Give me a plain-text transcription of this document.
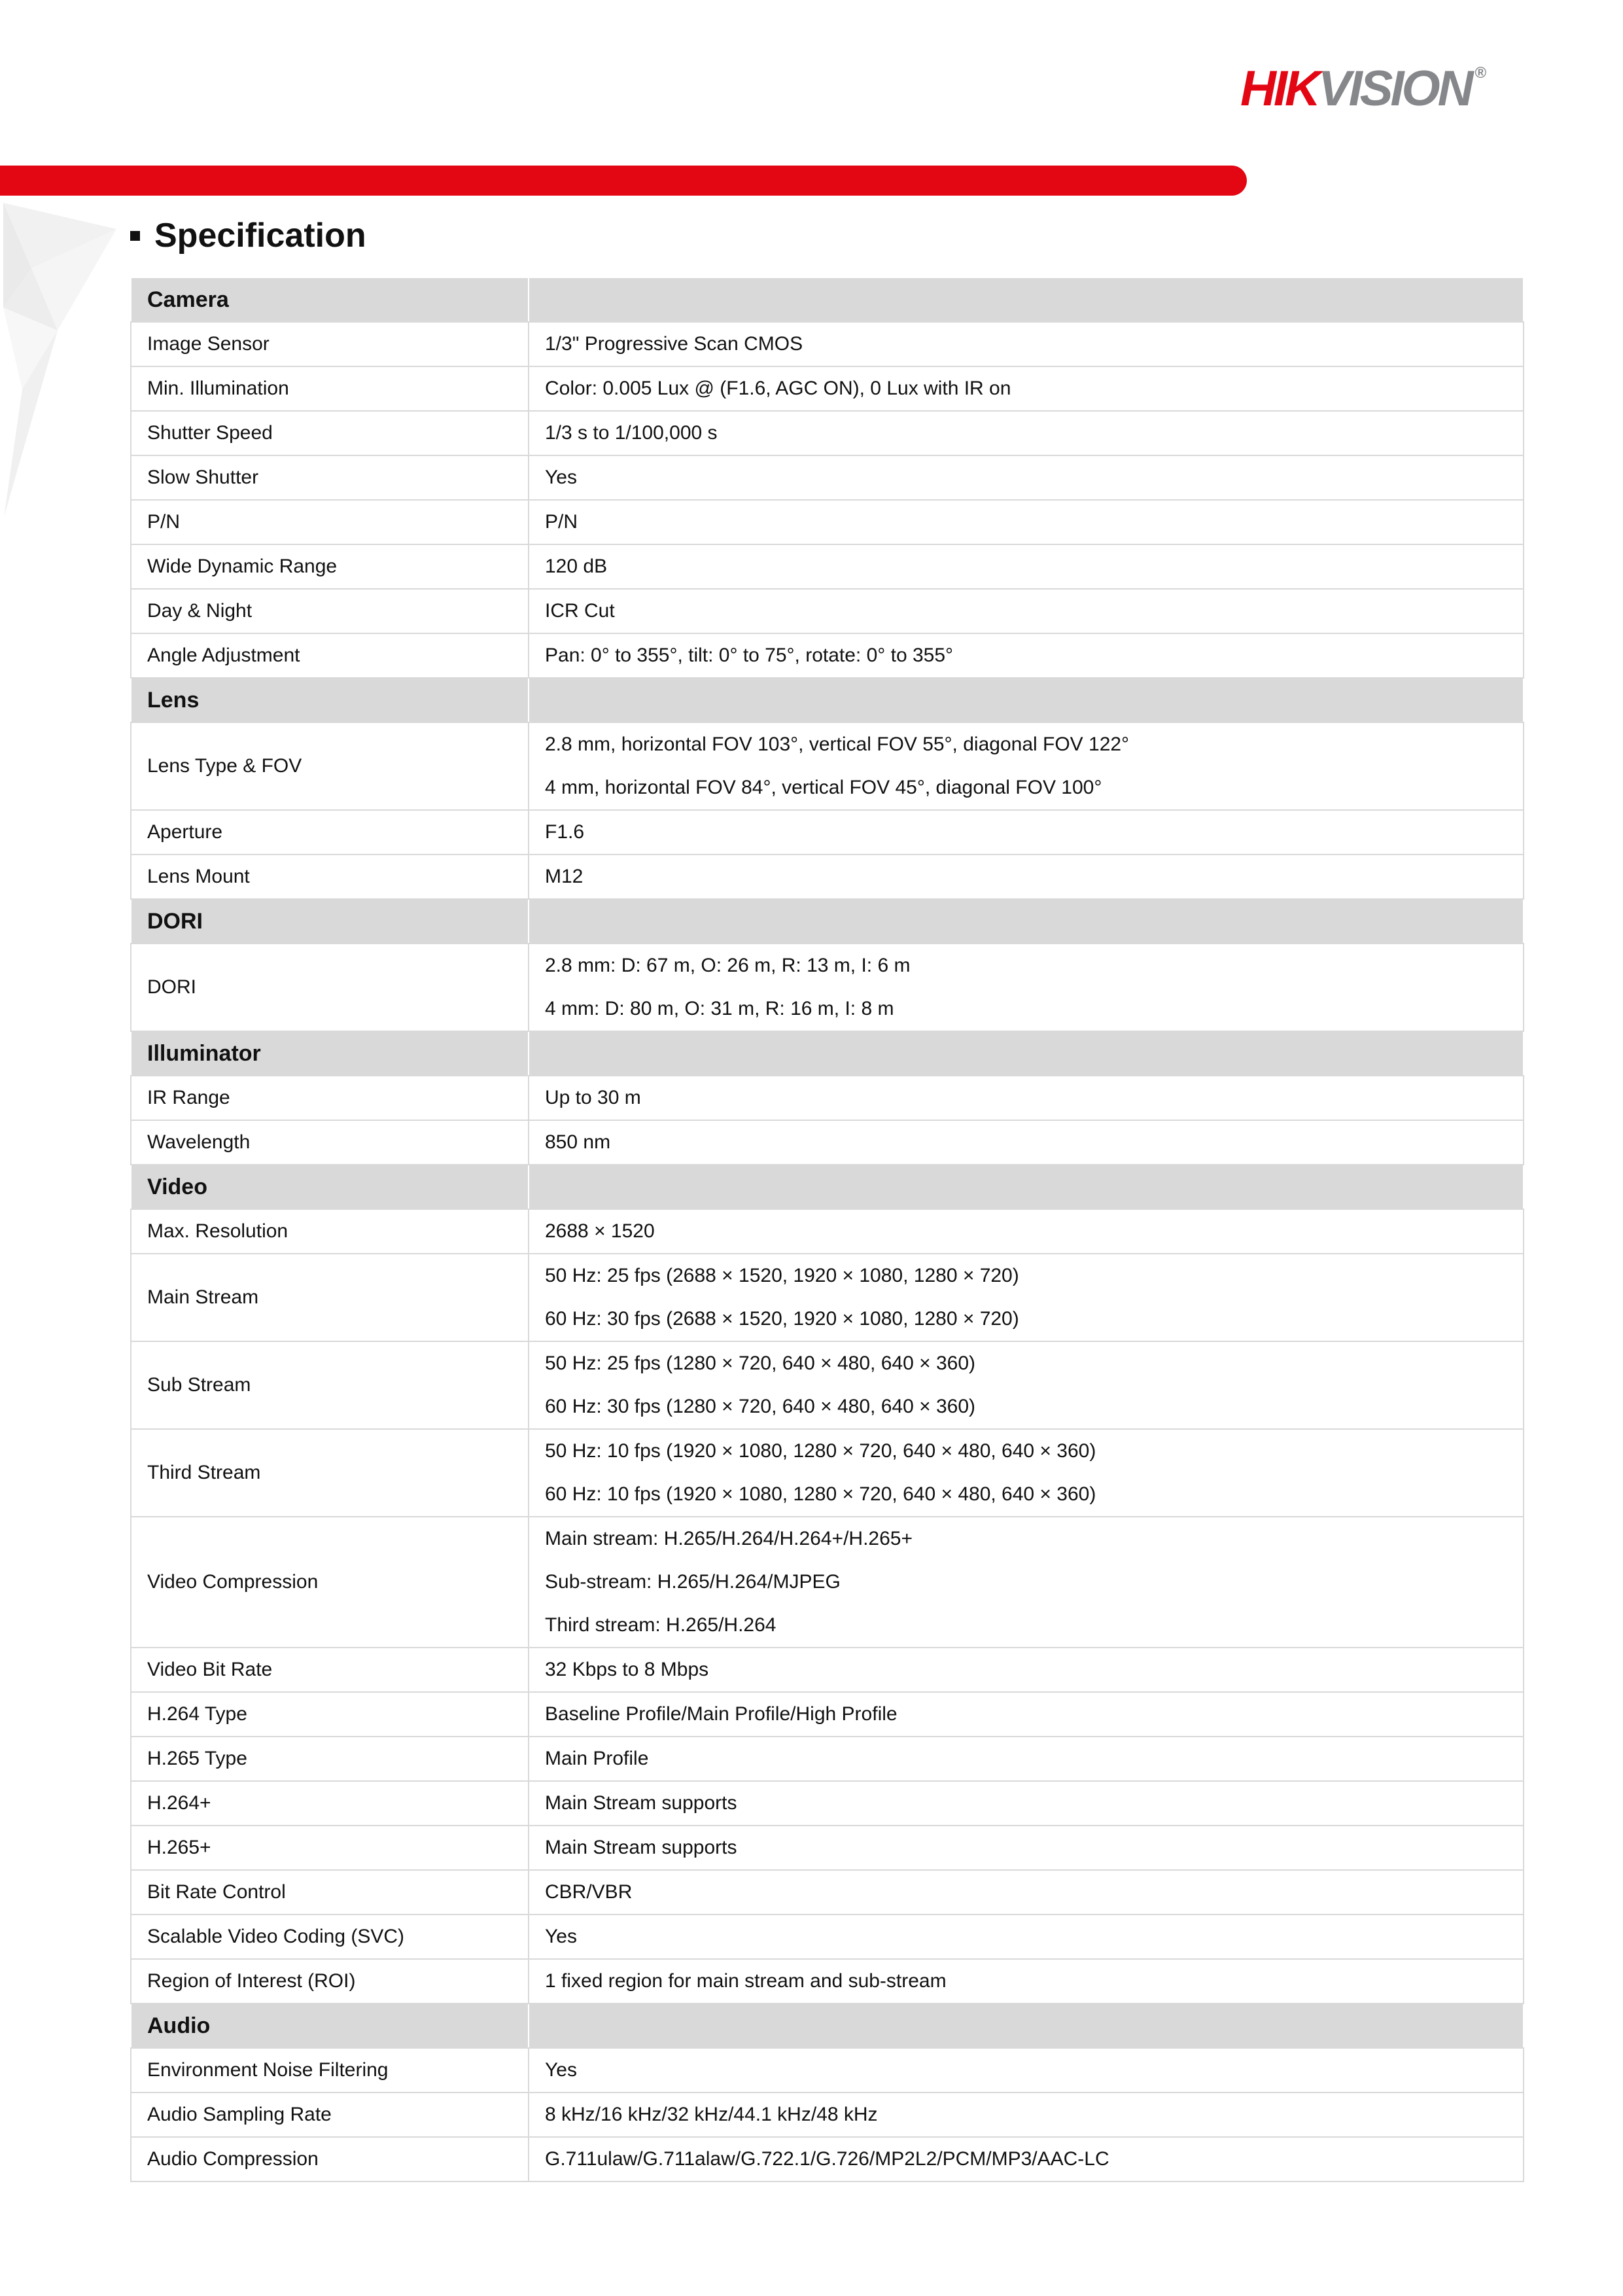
HIKVISION ®
Specification
Camera	

Image Sensor	1/3" Progressive Scan CMOS

Min. Illumination	Color: 0.005 Lux @ (F1.6, AGC ON), 0 Lux with IR on

Shutter Speed	1/3 s to 1/100,000 s

Slow Shutter	Yes

P/N	P/N

Wide Dynamic Range	120 dB

Day & Night	ICR Cut

Angle Adjustment	Pan: 0° to 355°, tilt: 0° to 75°, rotate: 0° to 355°

Lens	

Lens Type & FOV	2.8 mm, horizontal FOV 103°, vertical FOV 55°, diagonal FOV 122°
4 mm, horizontal FOV 84°, vertical FOV 45°, diagonal FOV 100°

Aperture	F1.6

Lens Mount	M12

DORI	

DORI	2.8 mm: D: 67 m, O: 26 m, R: 13 m, I: 6 m
4 mm: D: 80 m, O: 31 m, R: 16 m, I: 8 m

Illuminator	

IR Range	Up to 30 m

Wavelength	850 nm

Video	

Max. Resolution	2688 × 1520

Main Stream	50 Hz: 25 fps (2688 × 1520, 1920 × 1080, 1280 × 720)
60 Hz: 30 fps (2688 × 1520, 1920 × 1080, 1280 × 720)

Sub Stream	50 Hz: 25 fps (1280 × 720, 640 × 480, 640 × 360)
60 Hz: 30 fps (1280 × 720, 640 × 480, 640 × 360)

Third Stream	50 Hz: 10 fps (1920 × 1080, 1280 × 720, 640 × 480, 640 × 360)
60 Hz: 10 fps (1920 × 1080, 1280 × 720, 640 × 480, 640 × 360)

Video Compression	Main stream: H.265/H.264/H.264+/H.265+
Sub-stream: H.265/H.264/MJPEG
Third stream: H.265/H.264

Video Bit Rate	32 Kbps to 8 Mbps

H.264 Type	Baseline Profile/Main Profile/High Profile

H.265 Type	Main Profile

H.264+	Main Stream supports

H.265+	Main Stream supports

Bit Rate Control	CBR/VBR

Scalable Video Coding (SVC)	Yes

Region of Interest (ROI)	1 fixed region for main stream and sub-stream

Audio	

Environment Noise Filtering	Yes

Audio Sampling Rate	8 kHz/16 kHz/32 kHz/44.1 kHz/48 kHz

Audio Compression	G.711ulaw/G.711alaw/G.722.1/G.726/MP2L2/PCM/MP3/AAC-LC
